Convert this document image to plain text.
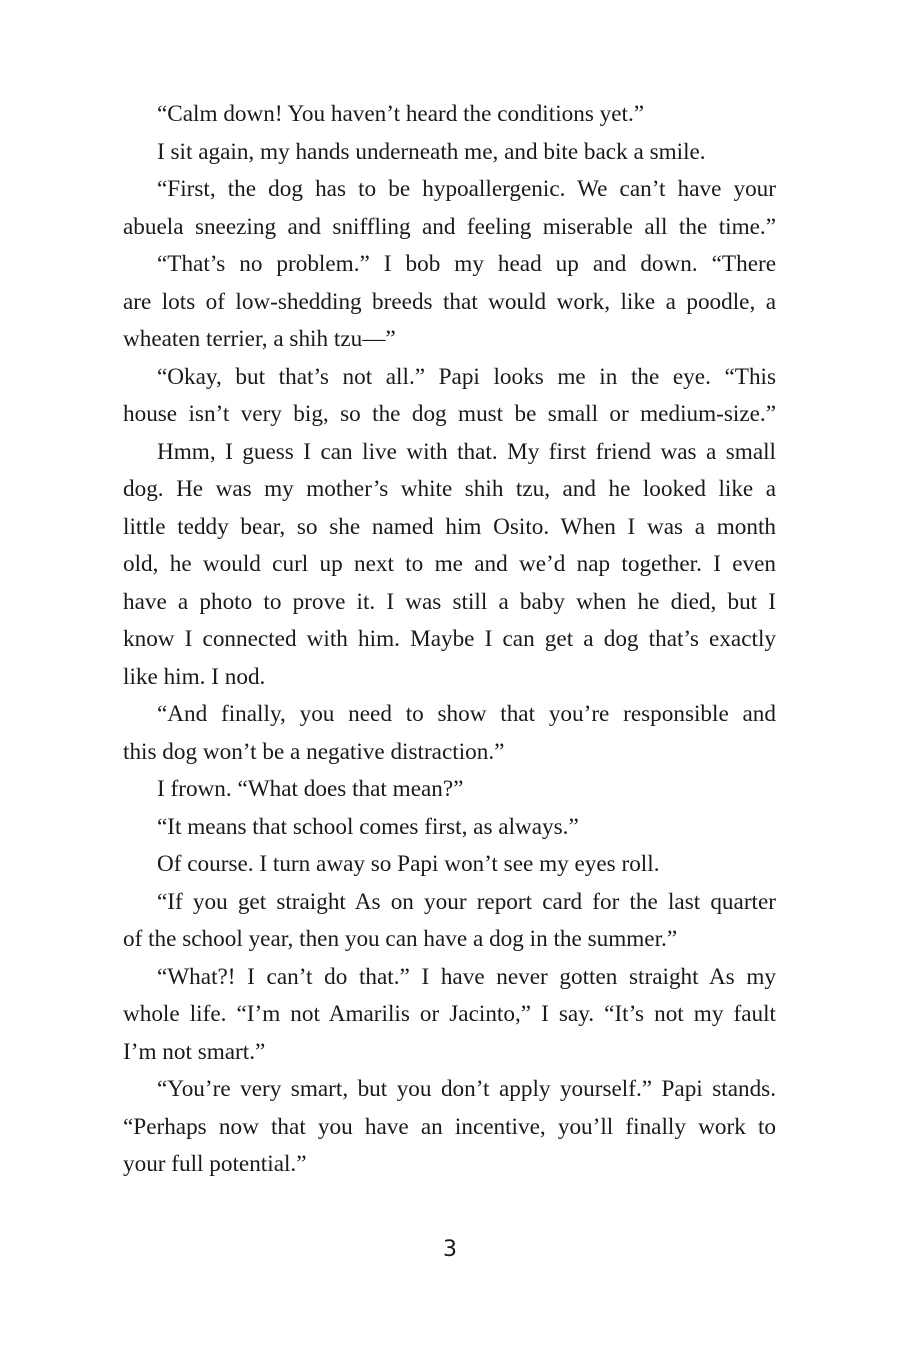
“Calm down! You haven’t heard the conditions yet.”
I sit again, my hands underneath me, and bite back a smile.
“First, the dog has to be hypoallergenic. We can’t have your
abuela sneezing and sniffling and feeling miserable all the time.”
“That’s no problem.” I bob my head up and down. “There
are lots of low-shedding breeds that would work, like a poodle, a
wheaten terrier, a shih tzu—”
“Okay, but that’s not all.” Papi looks me in the eye. “This
house isn’t very big, so the dog must be small or medium-size.”
Hmm, I guess I can live with that. My first friend was a small
dog. He was my mother’s white shih tzu, and he looked like a
little teddy bear, so she named him Osito. When I was a month
old, he would curl up next to me and we’d nap together. I even
have a photo to prove it. I was still a baby when he died, but I
know I connected with him. Maybe I can get a dog that’s exactly
like him. I nod.
“And finally, you need to show that you’re responsible and
this dog won’t be a negative distraction.”
I frown. “What does that mean?”
“It means that school comes first, as always.”
Of course. I turn away so Papi won’t see my eyes roll.
“If you get straight As on your report card for the last quarter
of the school year, then you can have a dog in the summer.”
“What?! I can’t do that.” I have never gotten straight As my
whole life. “I’m not Amarilis or Jacinto,” I say. “It’s not my fault
I’m not smart.”
“You’re very smart, but you don’t apply yourself.” Papi stands.
“Perhaps now that you have an incentive, you’ll finally work to
your full potential.”
3
